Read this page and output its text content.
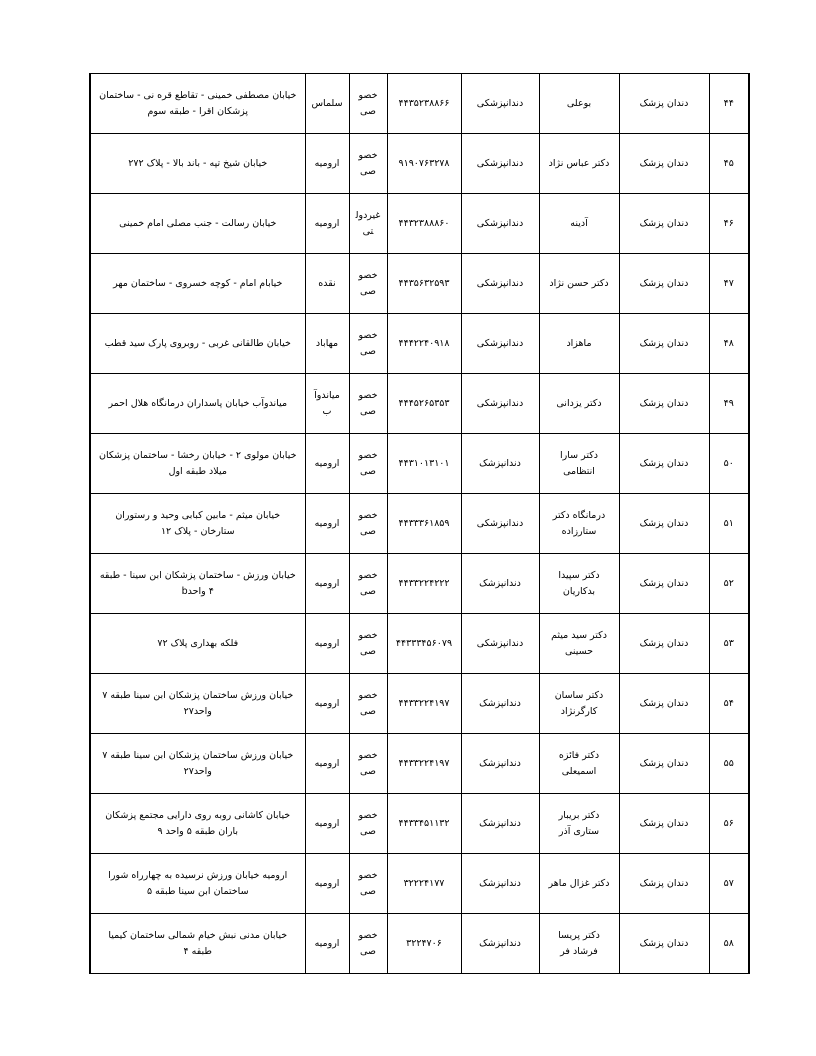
۴۴	دندان پزشک	بوعلی	دندانپزشکی	۴۴۳۵۲۳۸۸۶۶	خصوصی	سلماس	خیابان مصطفی خمینی - تقاطع قره نی - ساختمان پزشکان اقرا - طبقه سوم
۴۵	دندان پزشک	دکتر عباس نژاد	دندانپزشکی	۹۱۹۰۷۶۳۲۷۸	خصوصی	ارومیه	خیابان شیخ تپه - باند بالا - پلاک ۲۷۲
۴۶	دندان پزشک	آدینه	دندانپزشکی	۴۴۳۲۳۸۸۸۶۰	غیردولتی	ارومیه	خیابان رسالت - جنب مصلی امام خمینی
۴۷	دندان پزشک	دکتر حسن نژاد	دندانپزشکی	۴۴۳۵۶۳۲۵۹۳	خصوصی	نقده	خیابام امام - کوچه خسروی - ساختمان مهر
۴۸	دندان پزشک	ماهزاد	دندانپزشکی	۴۴۴۲۲۴۰۹۱۸	خصوصی	مهاباد	خیابان طالقانی غربی - روبروی پارک سید قطب
۴۹	دندان پزشک	دکتر یزدانی	دندانپزشکی	۴۴۴۵۲۶۵۳۵۳	خصوصی	میاندوآب	میاندوآب خیابان پاسداران درمانگاه هلال احمر
۵۰	دندان پزشک	دکتر سارا انتظامی	دندانپزشک	۴۴۳۱۰۱۳۱۰۱	خصوصی	ارومیه	خیابان مولوی ۲ - خیابان رخشا - ساختمان پزشکان میلاد طبقه اول
۵۱	دندان پزشک	درمانگاه دکتر ستارزاده	دندانپزشکی	۴۴۳۳۳۶۱۸۵۹	خصوصی	ارومیه	خیابان میثم - مابین کبابی وحید و رستوران ستارخان - پلاک ۱۲
۵۲	دندان پزشک	دکتر سپیدا بدکاریان	دندانپزشک	۴۴۳۳۲۲۴۲۲۲	خصوصی	ارومیه	خیابان ورزش - ساختمان پزشکان ابن سینا - طبقه ۴ واحدb
۵۳	دندان پزشک	دکتر سید میثم حسینی	دندانپزشکی	۴۴۳۳۳۴۵۶۰۷۹	خصوصی	ارومیه	فلکه بهداری پلاک ۷۲
۵۴	دندان پزشک	دکتر ساسان کارگرنژاد	دندانپزشک	۴۴۳۳۲۲۴۱۹۷	خصوصی	ارومیه	خیابان ورزش ساختمان پزشکان ابن سینا طبقه ۷ واحد۲۷
۵۵	دندان پزشک	دکتر فائزه اسمیعلی	دندانپزشک	۴۴۳۳۲۲۴۱۹۷	خصوصی	ارومیه	خیابان ورزش ساختمان پزشکان ابن سینا طبقه ۷ واحد۲۷
۵۶	دندان پزشک	دکتر بریبار ستاری آذر	دندانپزشک	۴۴۳۳۴۵۱۱۳۲	خصوصی	ارومیه	خیابان کاشانی روبه روی دارایی مجتمع پزشکان باران طبقه ۵ واحد ۹
۵۷	دندان پزشک	دکتر غزال ماهر	دندانپزشک	۳۲۲۲۴۱۷۷	خصوصی	ارومیه	ارومیه خیابان ورزش نرسیده به چهارراه شورا ساختمان ابن سینا طبقه ۵
۵۸	دندان پزشک	دکتر پریسا فرشاد فر	دندانپزشک	۳۲۲۴۷۰۶	خصوصی	ارومیه	خیابان مدنی نبش خیام شمالی ساختمان کیمیا طبقه ۴
